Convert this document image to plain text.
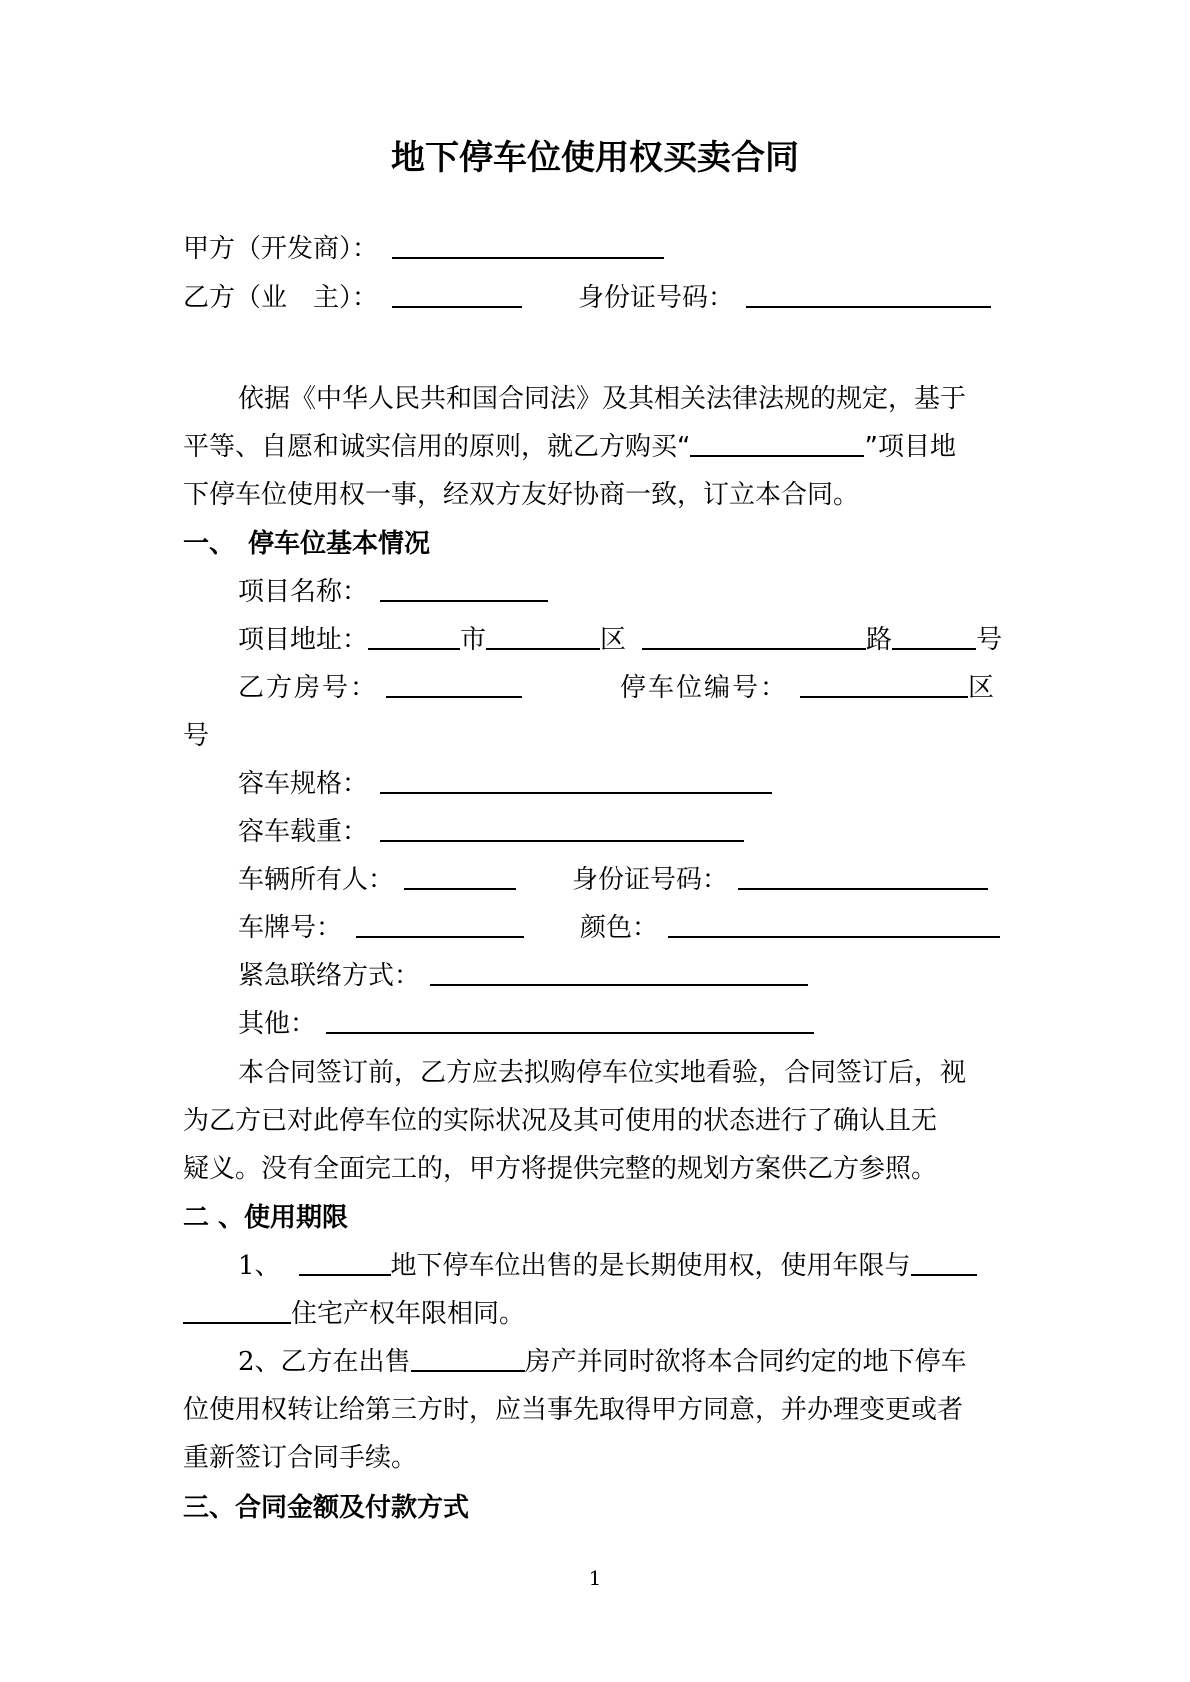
地下停车位使用权买卖合同
甲方（开发商）：
乙方（业　主）：	身份证号码：
依据《中华人民共和国合同法》及其相关法律法规的规定，基于
平等、自愿和诚实信用的原则，就乙方购买“	”项目地
下停车位使用权一事，经双方友好协商一致，订立本合同。
一、　停车位基本情况
项目名称：
项目地址：	市	区	路	号
乙方房号：	停车位编号：	区
号
容车规格：
容车载重：
车辆所有人：	身份证号码：
车牌号：	颜色：
紧急联络方式：
其他：
本合同签订前，乙方应去拟购停车位实地看验，合同签订后，视
为乙方已对此停车位的实际状况及其可使用的状态进行了确认且无
疑义。没有全面完工的，甲方将提供完整的规划方案供乙方参照。
二 、使用期限
1、	地下停车位出售的是长期使用权，使用年限与
住宅产权年限相同。
2、乙方在出售	房产并同时欲将本合同约定的地下停车
位使用权转让给第三方时，应当事先取得甲方同意，并办理变更或者
重新签订合同手续。
三、合同金额及付款方式
1
